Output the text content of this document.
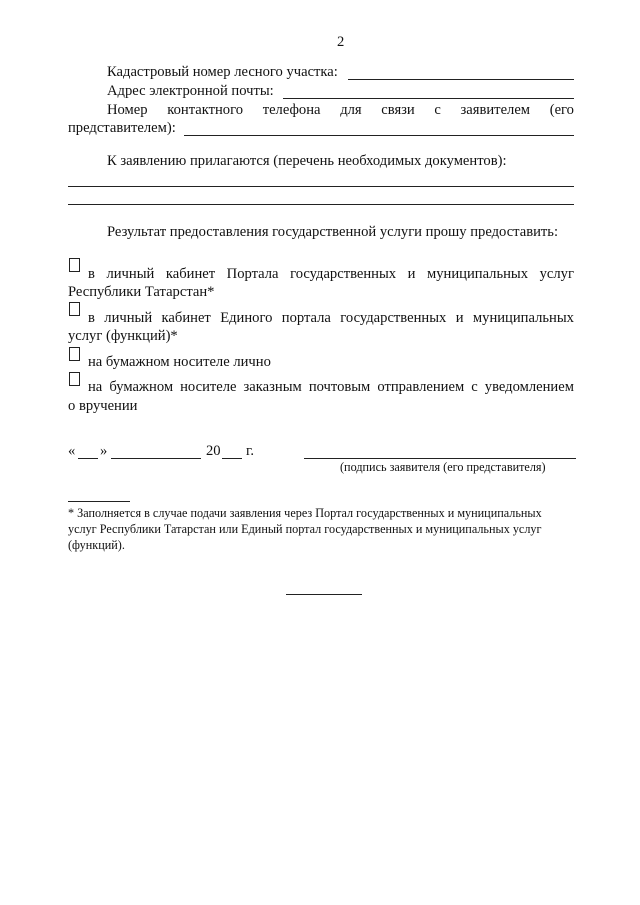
2
Кадастровый номер лесного участка:
Адрес электронной почты:
Номер контактного телефона для связи с заявителем (его
представителем):
К заявлению прилагаются (перечень необходимых документов):
Результат предоставления государственной услуги прошу предоставить:
в личный кабинет Портала государственных и муниципальных услуг
Республики Татарстан*
в личный кабинет Единого портала государственных и муниципальных
услуг (функций)*
на бумажном носителе лично
на бумажном носителе заказным почтовым отправлением с уведомлением
о вручении
« »	20 г.
(подпись заявителя (его представителя)
* Заполняется в случае подачи заявления через Портал государственных и муниципальных
услуг Республики Татарстан или Единый портал государственных и муниципальных услуг
(функций).
